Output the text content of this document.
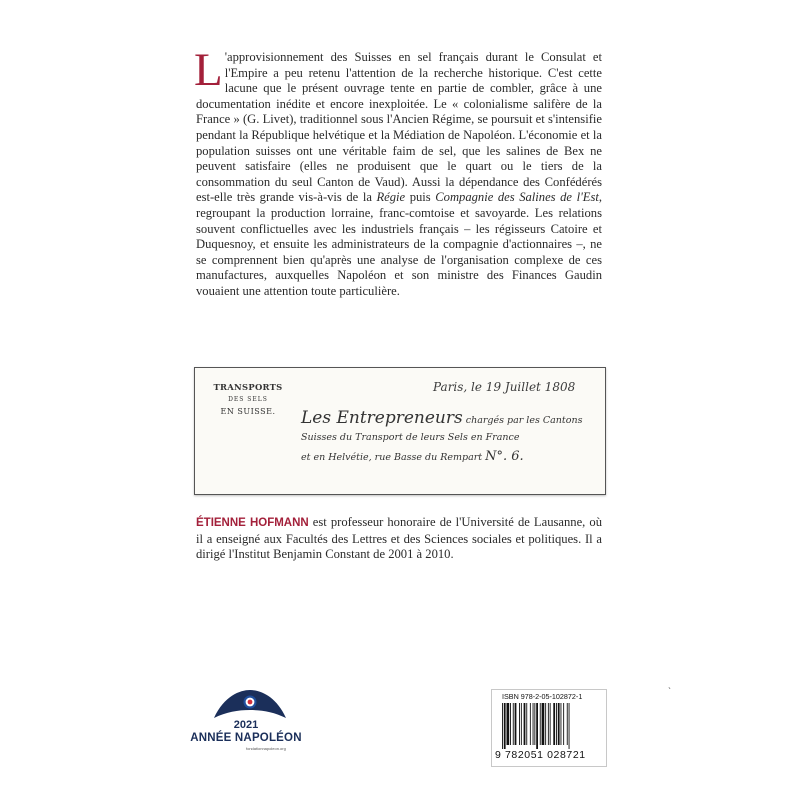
L 'approvisionnement des Suisses en sel français durant le Consulat et l'Empire a peu retenu l'attention de la recherche historique. C'est cette lacune que le présent ouvrage tente en partie de combler, grâce à une documentation inédite et encore inexploitée. Le « colonialisme salifère de la France » (G. Livet), traditionnel sous l'Ancien Régime, se poursuit et s'intensifie pendant la République helvétique et la Médiation de Napoléon. L'économie et la population suisses ont une véritable faim de sel, que les salines de Bex ne peuvent satisfaire (elles ne produisent que le quart ou le tiers de la consommation du seul Canton de Vaud). Aussi la dépendance des Confédérés est-elle très grande vis-à-vis de la Régie puis Compagnie des Salines de l'Est, regroupant la production lorraine, franc-comtoise et savoyarde. Les relations souvent conflictuelles avec les industriels français – les régisseurs Catoire et Duquesnoy, et ensuite les administrateurs de la compagnie d'actionnaires –, ne se comprennent bien qu'après une analyse de l'organisation complexe de ces manufactures, auxquelles Napoléon et son ministre des Finances Gaudin vouaient une attention toute particulière.

TRANSPORTS
DES SELS
EN SUISSE.
Paris, le 19 Juillet 1808
Les Entrepreneurs chargés par les Cantons
Suisses du Transport de leurs Sels en France
et en Helvétie, rue Basse du Rempart N°. 6.

ÉTIENNE HOFMANN est professeur honoraire de l'Université de Lausanne, où il a enseigné aux Facultés des Lettres et des Sciences sociales et politiques. Il a dirigé l'Institut Benjamin Constant de 2001 à 2010.

2021
ANNÉE NAPOLÉON
fondationnapoleon.org
ISBN 978-2-05-102872-1
9 782051 028721
ˋ
